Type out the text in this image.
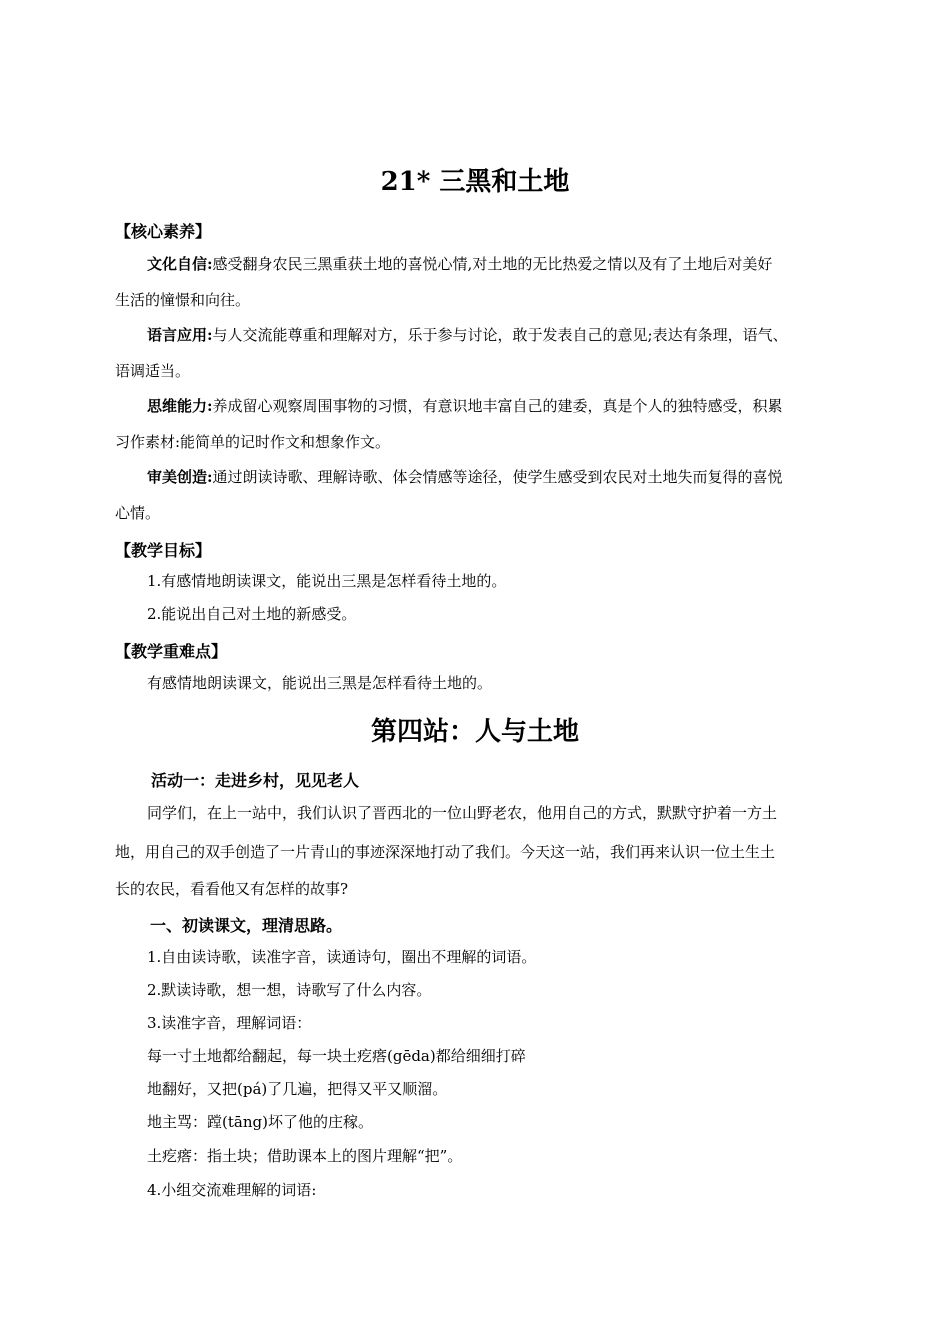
21* 三黑和土地
【核心素养】
文化自信:感受翻身农民三黑重获土地的喜悦心情,对土地的无比热爱之情以及有了土地后对美好
生活的憧憬和向往。
语言应用:与人交流能尊重和理解对方，乐于参与讨论，敢于发表自己的意见;表达有条理，语气、
语调适当。
思维能力:养成留心观察周围事物的习惯，有意识地丰富自己的建委，真是个人的独特感受，积累
习作素材:能简单的记时作文和想象作文。
审美创造:通过朗读诗歌、理解诗歌、体会情感等途径，使学生感受到农民对土地失而复得的喜悦
心情。
【教学目标】
1.有感情地朗读课文，能说出三黑是怎样看待土地的。
2.能说出自己对土地的新感受。
【教学重难点】
有感情地朗读课文，能说出三黑是怎样看待土地的。
第四站：人与土地
活动一：走进乡村，见见老人
同学们，在上一站中，我们认识了晋西北的一位山野老农，他用自己的方式，默默守护着一方土
地，用自己的双手创造了一片青山的事迹深深地打动了我们。今天这一站，我们再来认识一位土生土
长的农民，看看他又有怎样的故事?
一、初读课文，理清思路。
1.自由读诗歌，读准字音，读通诗句，圈出不理解的词语。
2.默读诗歌，想一想，诗歌写了什么内容。
3.读准字音，理解词语：
每一寸土地都给翻起，每一块土疙瘩(gēda)都给细细打碎
地翻好，又把(pá)了几遍，把得又平又顺溜。
地主骂：蹚(tāng)坏了他的庄稼。
土疙瘩：指土块；借助课本上的图片理解“把”。
4.小组交流难理解的词语:
